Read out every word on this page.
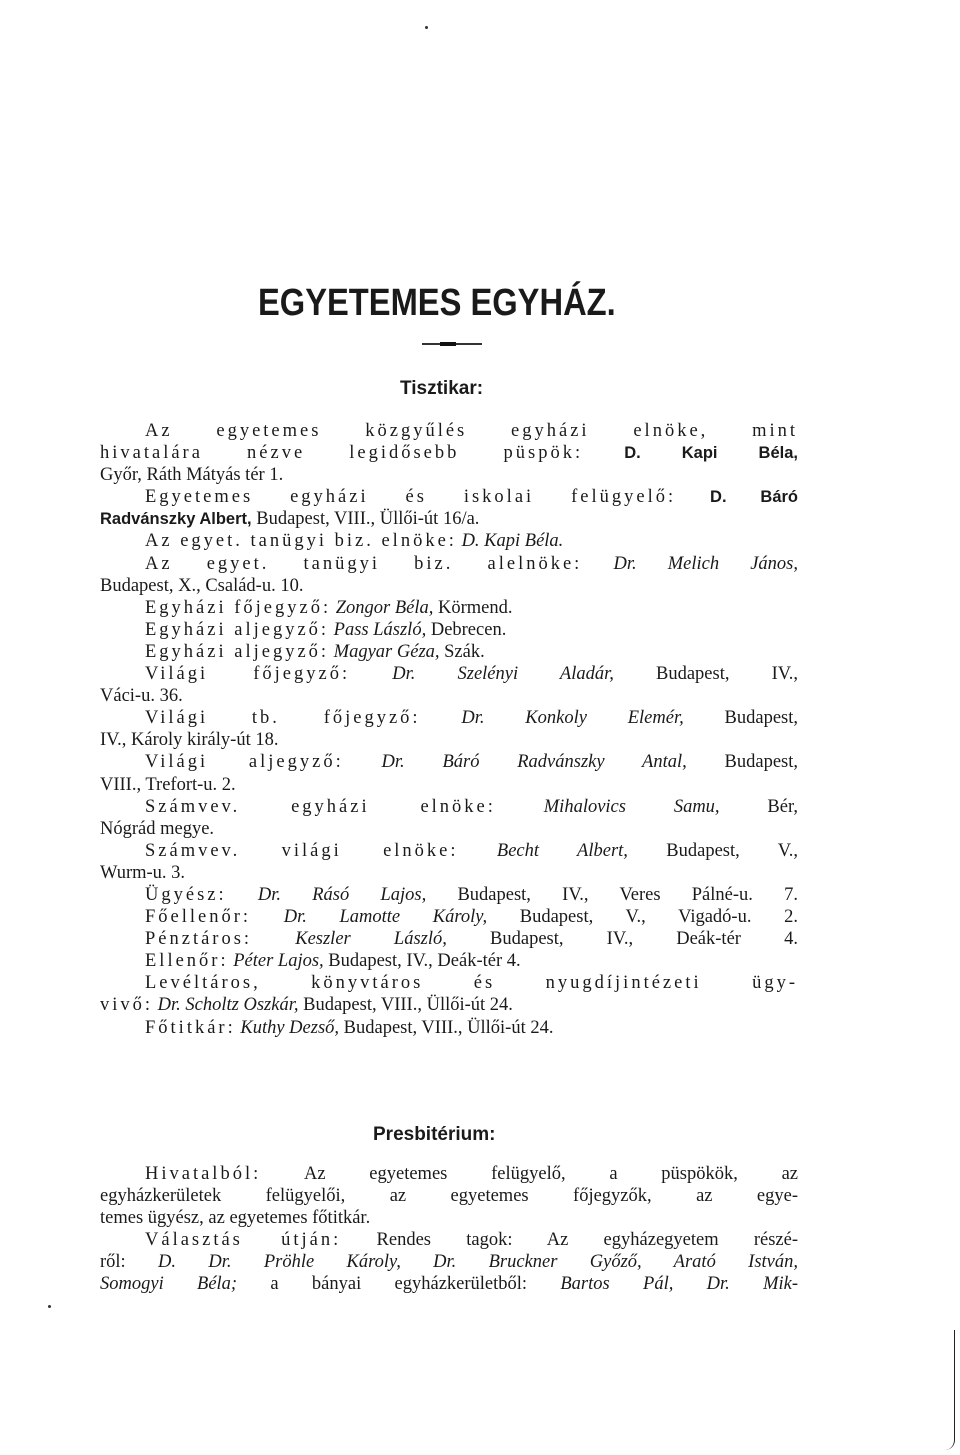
EGYETEMES EGYHÁZ.
Tisztikar:

Az egyetemes közgyűlés egyházi elnöke, mint

hivatalára nézve legidősebb püspök: D. Kapi Béla,

Győr, Ráth Mátyás tér 1.

Egyetemes egyházi és iskolai felügyelő: D. Báró

Radvánszky Albert, Budapest, VIII., Üllői-út 16/a.

Az egyet. tanügyi biz. elnöke: D. Kapi Béla.

Az egyet. tanügyi biz. alelnöke: Dr. Melich János,

Budapest, X., Család-u. 10.

Egyházi főjegyző: Zongor Béla, Körmend.

Egyházi aljegyző: Pass László, Debrecen.

Egyházi aljegyző: Magyar Géza, Szák.

Világi főjegyző: Dr. Szelényi Aladár, Budapest, IV.,

Váci-u. 36.

Világi tb. főjegyző: Dr. Konkoly Elemér, Budapest,

IV., Károly király-út 18.

Világi aljegyző: Dr. Báró Radvánszky Antal, Budapest,

VIII., Trefort-u. 2.

Számvev. egyházi elnöke:	Mihalovics Samu,	Bér,

Nógrád megye.

Számvev. világi elnöke: Becht Albert, Budapest, V.,

Wurm-u. 3.

Ügyész: Dr. Rásó Lajos, Budapest, IV., Veres Pálné-u. 7.

Főellenőr: Dr. Lamotte Károly, Budapest, V., Vigadó-u. 2.

Pénztáros: Keszler László, Budapest, IV., Deák-tér 4.

Ellenőr: Péter Lajos, Budapest, IV., Deák-tér 4.

Levéltáros, könyvtáros és nyugdíjintézeti ügy-

vivő: Dr. Scholtz Oszkár, Budapest, VIII., Üllői-út 24.

Főtitkár: Kuthy Dezső, Budapest, VIII., Üllői-út 24.

Presbitérium:

Hivatalból: Az egyetemes felügyelő, a püspökök, az

egyházkerületek felügyelői, az egyetemes főjegyzők, az egye-

temes ügyész, az egyetemes főtitkár.

Választás útján: Rendes tagok: Az egyházegyetem részé-

ről: D. Dr. Pröhle Károly, Dr. Bruckner Győző, Arató István,

Somogyi Béla; a bányai egyházkerületből: Bartos Pál, Dr. Mik-
